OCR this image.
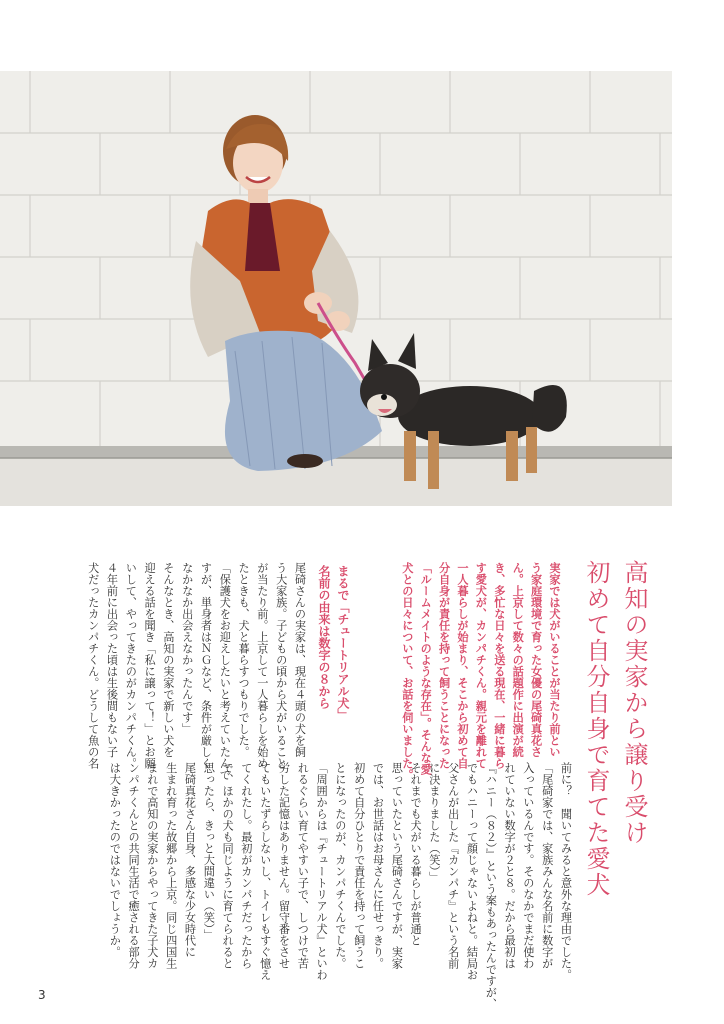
高知の実家から譲り受け
初めて自分自身で育てた愛犬
実家では犬がいることが当たり前とい
う家庭環境で育った女優の尾碕真花さ
ん。上京して数々の話題作に出演が続
き、多忙な日々を送る現在、一緒に暮ら
す愛犬が、カンパチくん。親元を離れて
一人暮らしが始まり、そこから初めて自
分自身が責任を持って飼うことになった
「ルームメイトのような存在」。そんな愛
犬との日々について、お話を伺いました。
まるで「チュートリアル犬」
名前の由来は数字の８から
尾碕さんの実家は、現在４頭の犬を飼
う大家族。子どもの頃から犬がいること
が当たり前。上京して一人暮らしを始め
たときも、犬と暮らすつもりでした。
「保護犬をお迎えしたいと考えていたんで
すが、単身者はＮＧなど、条件が厳しく
なかなか出会えなかったんです」
そんなとき、高知の実家で新しい犬を
迎える話を聞き「私に譲って！」とお願
いして、やってきたのがカンパチくん。
４年前に出会った頃は生後間もない子
犬だったカンパチくん。どうして魚の名
前に？　聞いてみると意外な理由でした。
「尾碕家では、家族みんな名前に数字が
入っているんです。そのなかでまだ使わ
れていない数字が２と８。だから最初は
『ハニー（８２）』という案もあったんですが、
でもハニーって顔じゃないよねと。結局お
父さんが出した『カンパチ』という名前
に決まりました（笑）」
それまでも犬がいる暮らしが普通と
思っていたという尾碕さんですが、実家
では、お世話はお母さんに任せっきり。
初めて自分ひとりで責任を持って飼うこ
とになったのが、カンパチくんでした。
「周囲からは『チュートリアル犬』といわ
れるぐらい育てやすい子で、しつけで苦
労した記憶はありません。留守番をさせ
てもいたずらしないし、トイレもすぐ憶え
てくれたし。最初がカンパチだったから
で、ほかの犬も同じように育てられると
思ったら、きっと大間違い（笑）」
尾碕真花さん自身、多感な少女時代に
生まれ育った故郷から上京。同じ四国生
まれで高知の実家からやってきた子犬カ
ンパチくんとの共同生活で癒される部分
は大きかったのではないでしょうか。
3
